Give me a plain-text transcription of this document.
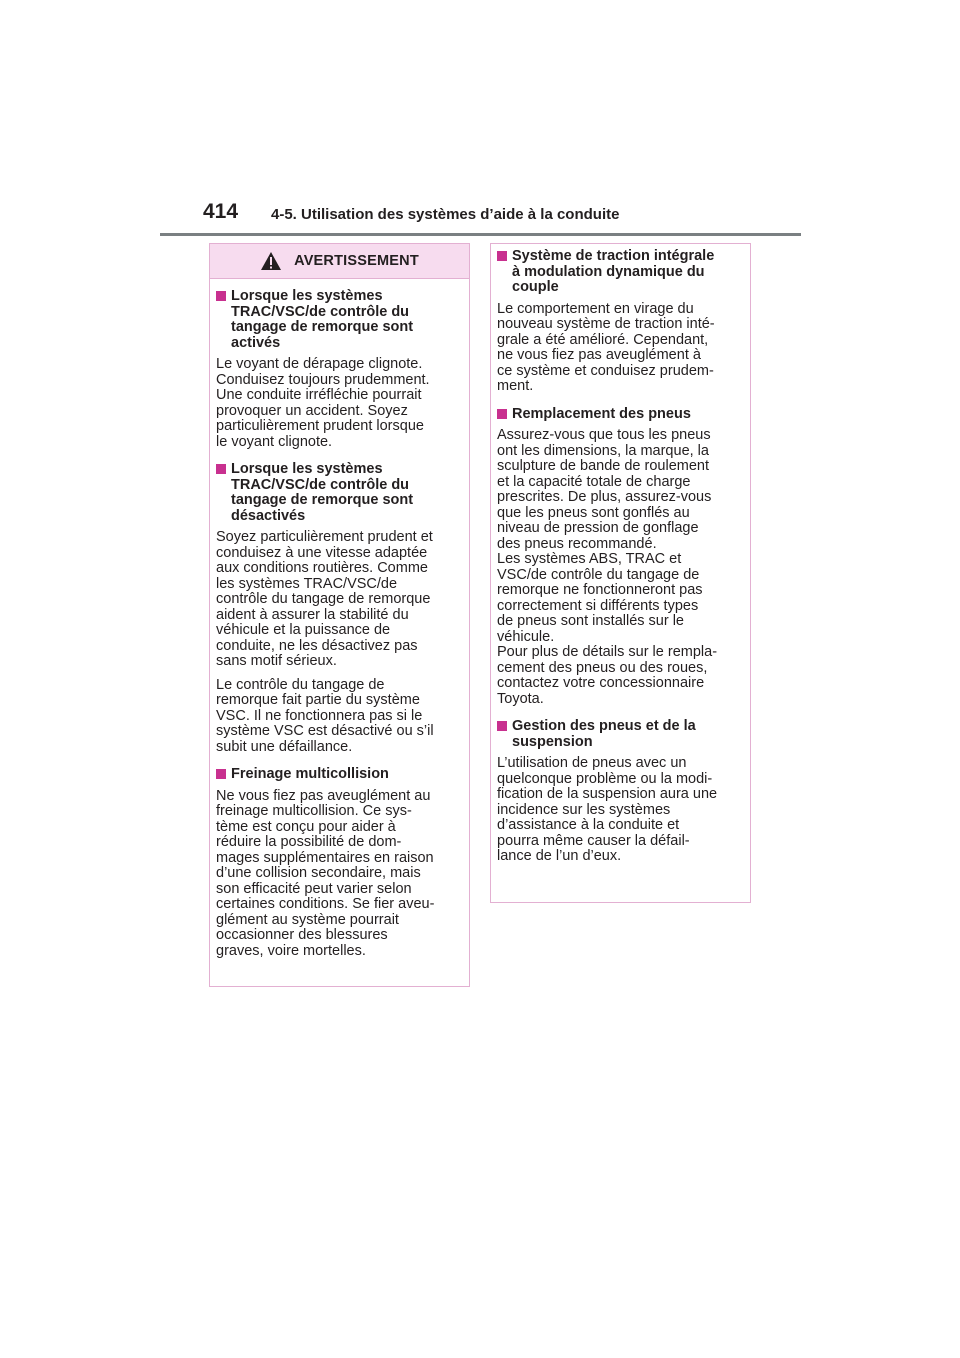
414 4-5. Utilisation des systèmes d’aide à la conduite
AVERTISSEMENT
Lorsque les systèmes
TRAC/VSC/de contrôle du
tangage de remorque sont
activés
Le voyant de dérapage clignote.
Conduisez toujours prudemment.
Une conduite irréfléchie pourrait
provoquer un accident. Soyez
particulièrement prudent lorsque
le voyant clignote.
Lorsque les systèmes
TRAC/VSC/de contrôle du
tangage de remorque sont
désactivés
Soyez particulièrement prudent et
conduisez à une vitesse adaptée
aux conditions routières. Comme
les systèmes TRAC/VSC/de
contrôle du tangage de remorque
aident à assurer la stabilité du
véhicule et la puissance de
conduite, ne les désactivez pas
sans motif sérieux.
Le contrôle du tangage de
remorque fait partie du système
VSC. Il ne fonctionnera pas si le
système VSC est désactivé ou s’il
subit une défaillance.
Freinage multicollision
Ne vous fiez pas aveuglément au
freinage multicollision. Ce sys-
tème est conçu pour aider à
réduire la possibilité de dom-
mages supplémentaires en raison
d’une collision secondaire, mais
son efficacité peut varier selon
certaines conditions. Se fier aveu-
glément au système pourrait
occasionner des blessures
graves, voire mortelles.
Système de traction intégrale
à modulation dynamique du
couple
Le comportement en virage du
nouveau système de traction inté-
grale a été amélioré. Cependant,
ne vous fiez pas aveuglément à
ce système et conduisez prudem-
ment.
Remplacement des pneus
Assurez-vous que tous les pneus
ont les dimensions, la marque, la
sculpture de bande de roulement
et la capacité totale de charge
prescrites. De plus, assurez-vous
que les pneus sont gonflés au
niveau de pression de gonflage
des pneus recommandé.
Les systèmes ABS, TRAC et
VSC/de contrôle du tangage de
remorque ne fonctionneront pas
correctement si différents types
de pneus sont installés sur le
véhicule.
Pour plus de détails sur le rempla-
cement des pneus ou des roues,
contactez votre concessionnaire
Toyota.
Gestion des pneus et de la
suspension
L’utilisation de pneus avec un
quelconque problème ou la modi-
fication de la suspension aura une
incidence sur les systèmes
d’assistance à la conduite et
pourra même causer la défail-
lance de l’un d’eux.
